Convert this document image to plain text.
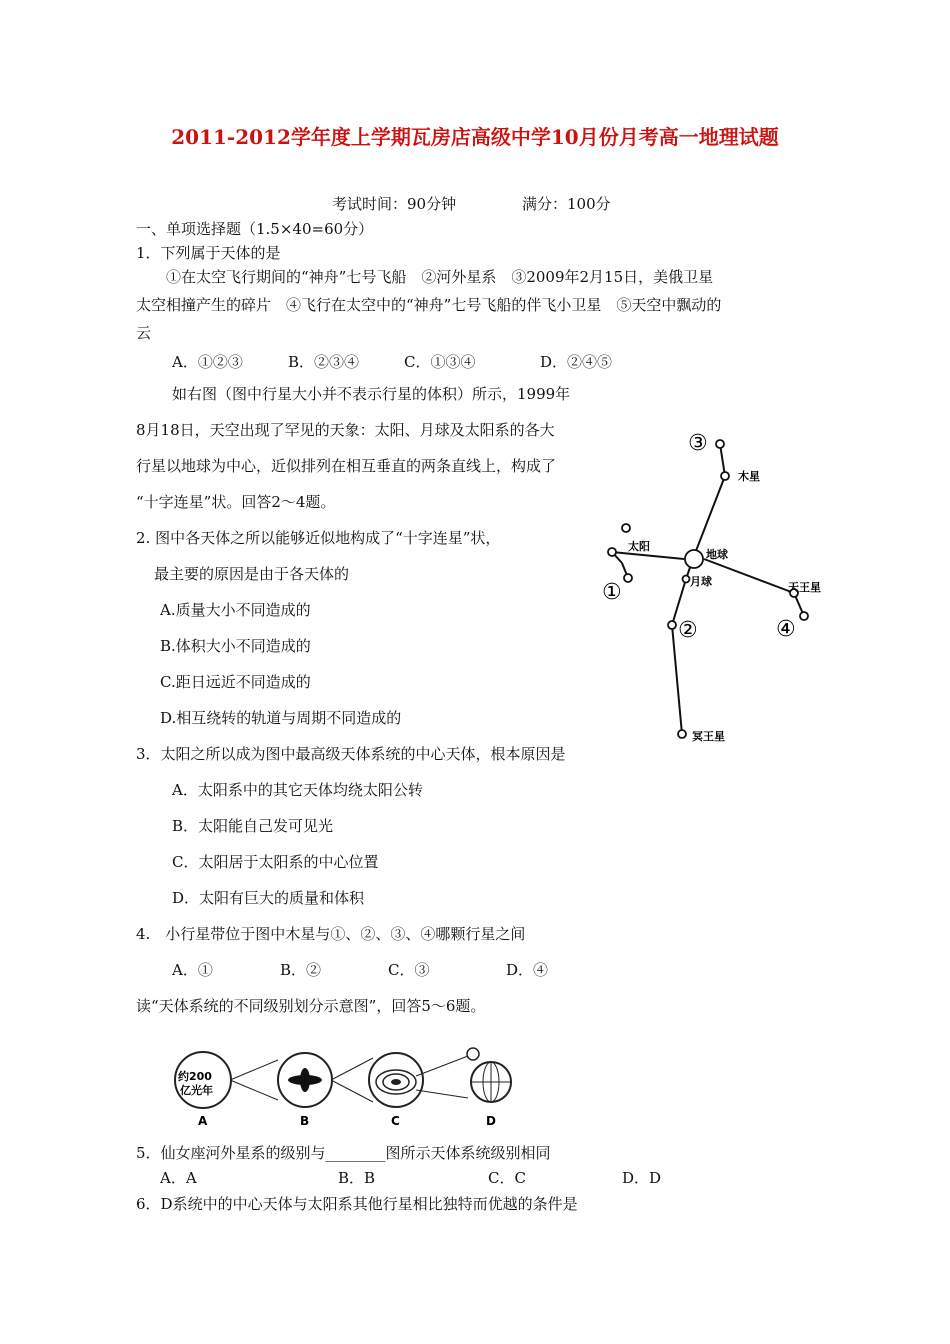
2011-2012学年度上学期瓦房店高级中学10月份月考高一地理试题
考试时间：90分钟	满分：100分
一、单项选择题（1.5×40=60分）
1．下列属于天体的是
①在太空飞行期间的“神舟”七号飞船　②河外星系　③2009年2月15日，美俄卫星
太空相撞产生的碎片　④飞行在太空中的“神舟”七号飞船的伴飞小卫星　⑤天空中飘动的
云
A．①②③	B．②③④	C．①③④	D．②④⑤
如右图（图中行星大小并不表示行星的体积）所示，1999年
8月18日，天空出现了罕见的天象：太阳、月球及太阳系的各大
行星以地球为中心，近似排列在相互垂直的两条直线上，构成了
“十字连星”状。回答2～4题。
2. 图中各天体之所以能够近似地构成了“十字连星”状，
最主要的原因是由于各天体的
A.质量大小不同造成的
B.体积大小不同造成的
C.距日远近不同造成的
D.相互绕转的轨道与周期不同造成的
3．太阳之所以成为图中最高级天体系统的中心天体，根本原因是
A．太阳系中的其它天体均绕太阳公转
B．太阳能自己发可见光
C．太阳居于太阳系的中心位置
D．太阳有巨大的质量和体积
4.　小行星带位于图中木星与①、②、③、④哪颗行星之间
A．①	B．②	C．③	D．④
读“天体系统的不同级别划分示意图”，回答5～6题。
约200
亿光年
A	B	C	D
5．仙女座河外星系的级别与________图所示天体系统级别相同
A．A	B．B	C．C	D．D
6．D系统中的中心天体与太阳系其他行星相比独特而优越的条件是
③
木星
太阳
地球
①	月球	天王星
②	④
冥王星
